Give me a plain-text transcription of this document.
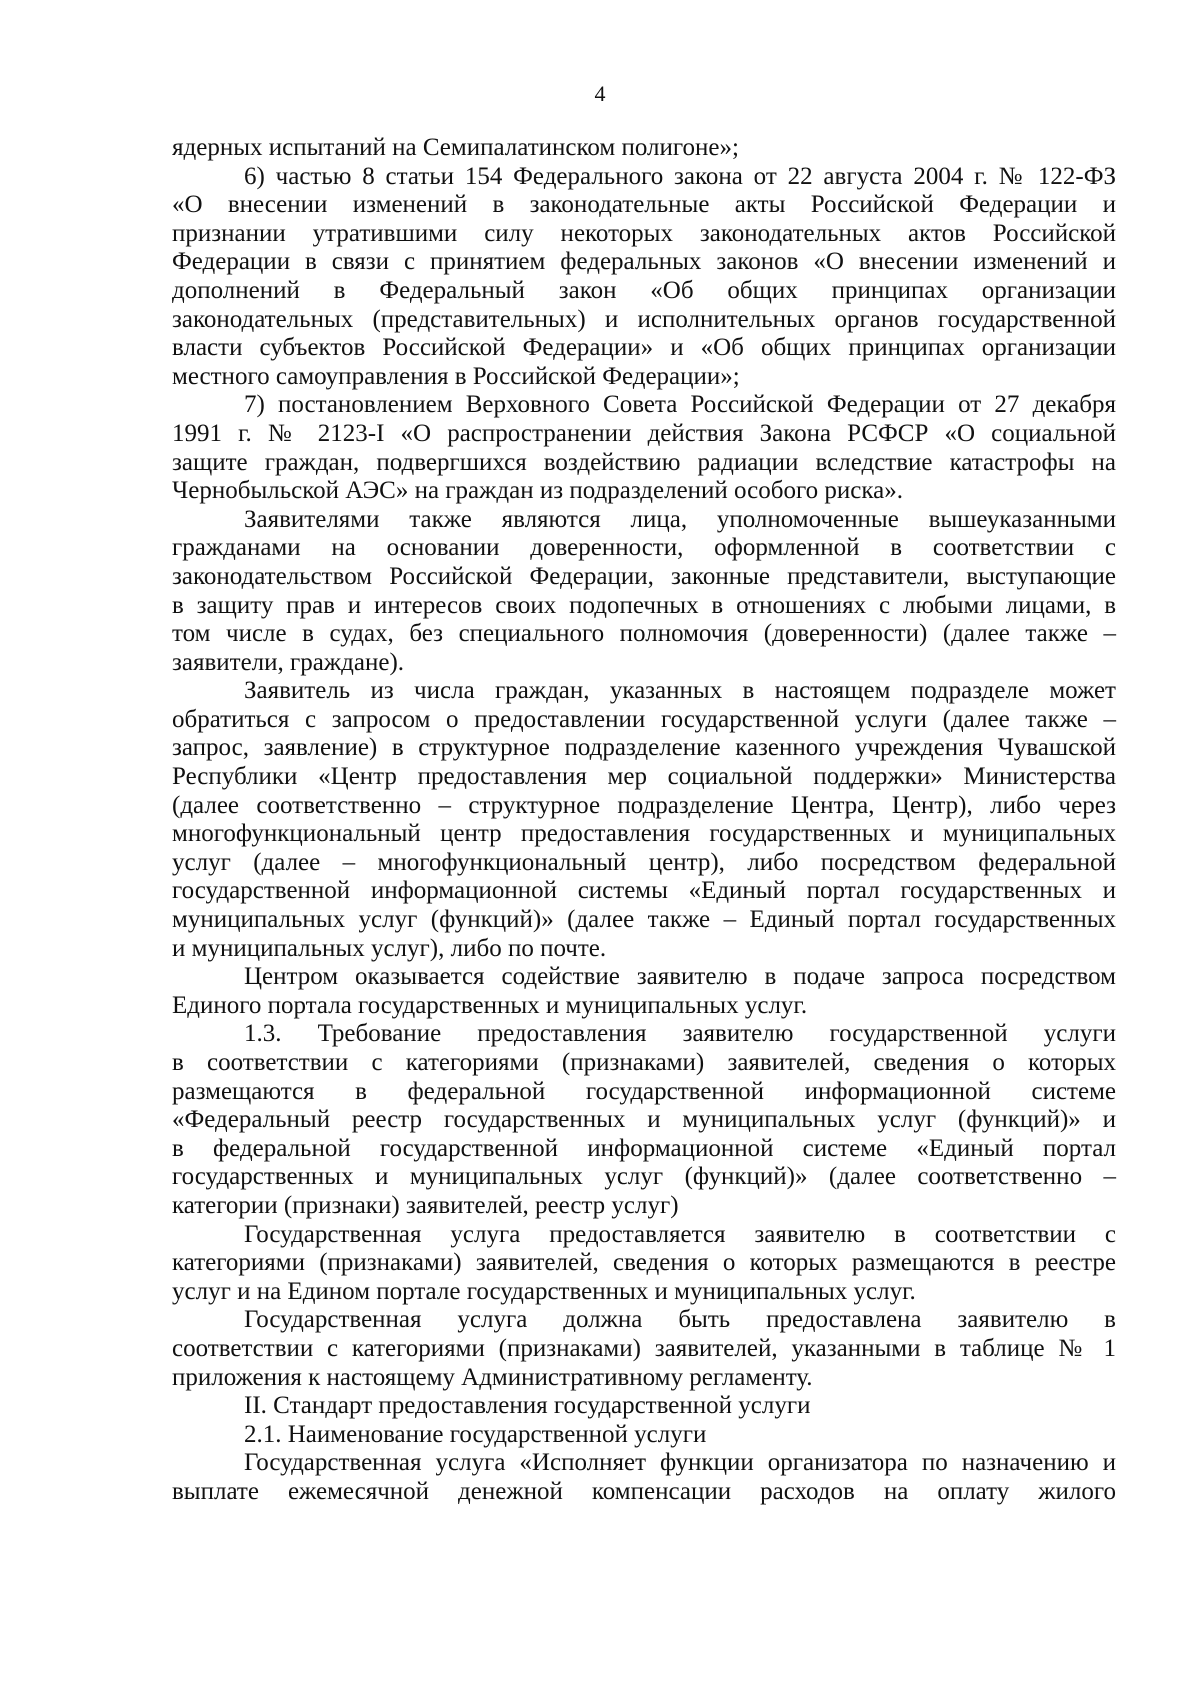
4
ядерных испытаний на Семипалатинском полигоне»;
6) частью 8 статьи 154 Федерального закона от 22 августа 2004 г. № 122-ФЗ
«О внесении изменений в законодательные акты Российской Федерации и
признании утратившими силу некоторых законодательных актов Российской
Федерации в связи с принятием федеральных законов «О внесении изменений и
дополнений в Федеральный закон «Об общих принципах организации
законодательных (представительных) и исполнительных органов государственной
власти субъектов Российской Федерации» и «Об общих принципах организации
местного самоуправления в Российской Федерации»;
7) постановлением Верховного Совета Российской Федерации от 27 декабря
1991 г. № 2123-I «О распространении действия Закона РСФСР «О социальной
защите граждан, подвергшихся воздействию радиации вследствие катастрофы на
Чернобыльской АЭС» на граждан из подразделений особого риска».
Заявителями также являются лица, уполномоченные вышеуказанными
гражданами на основании доверенности, оформленной в соответствии с
законодательством Российской Федерации, законные представители, выступающие
в защиту прав и интересов своих подопечных в отношениях с любыми лицами, в
том числе в судах, без специального полномочия (доверенности) (далее также –
заявители, граждане).
Заявитель из числа граждан, указанных в настоящем подразделе может
обратиться с запросом о предоставлении государственной услуги (далее также –
запрос, заявление) в структурное подразделение казенного учреждения Чувашской
Республики «Центр предоставления мер социальной поддержки» Министерства
(далее соответственно – структурное подразделение Центра, Центр), либо через
многофункциональный центр предоставления государственных и муниципальных
услуг (далее – многофункциональный центр), либо посредством федеральной
государственной информационной системы «Единый портал государственных и
муниципальных услуг (функций)» (далее также – Единый портал государственных
и муниципальных услуг), либо по почте.
Центром оказывается содействие заявителю в подаче запроса посредством
Единого портала государственных и муниципальных услуг.
1.3. Требование предоставления заявителю государственной услуги
в соответствии с категориями (признаками) заявителей, сведения о которых
размещаются в федеральной государственной информационной системе
«Федеральный реестр государственных и муниципальных услуг (функций)» и
в федеральной государственной информационной системе «Единый портал
государственных и муниципальных услуг (функций)» (далее соответственно –
категории (признаки) заявителей, реестр услуг)
Государственная услуга предоставляется заявителю в соответствии с
категориями (признаками) заявителей, сведения о которых размещаются в реестре
услуг и на Едином портале государственных и муниципальных услуг.
Государственная услуга должна быть предоставлена заявителю в
соответствии с категориями (признаками) заявителей, указанными в таблице № 1
приложения к настоящему Административному регламенту.
II. Стандарт предоставления государственной услуги
2.1. Наименование государственной услуги
Государственная услуга «Исполняет функции организатора по назначению и
выплате ежемесячной денежной компенсации расходов на оплату жилого
